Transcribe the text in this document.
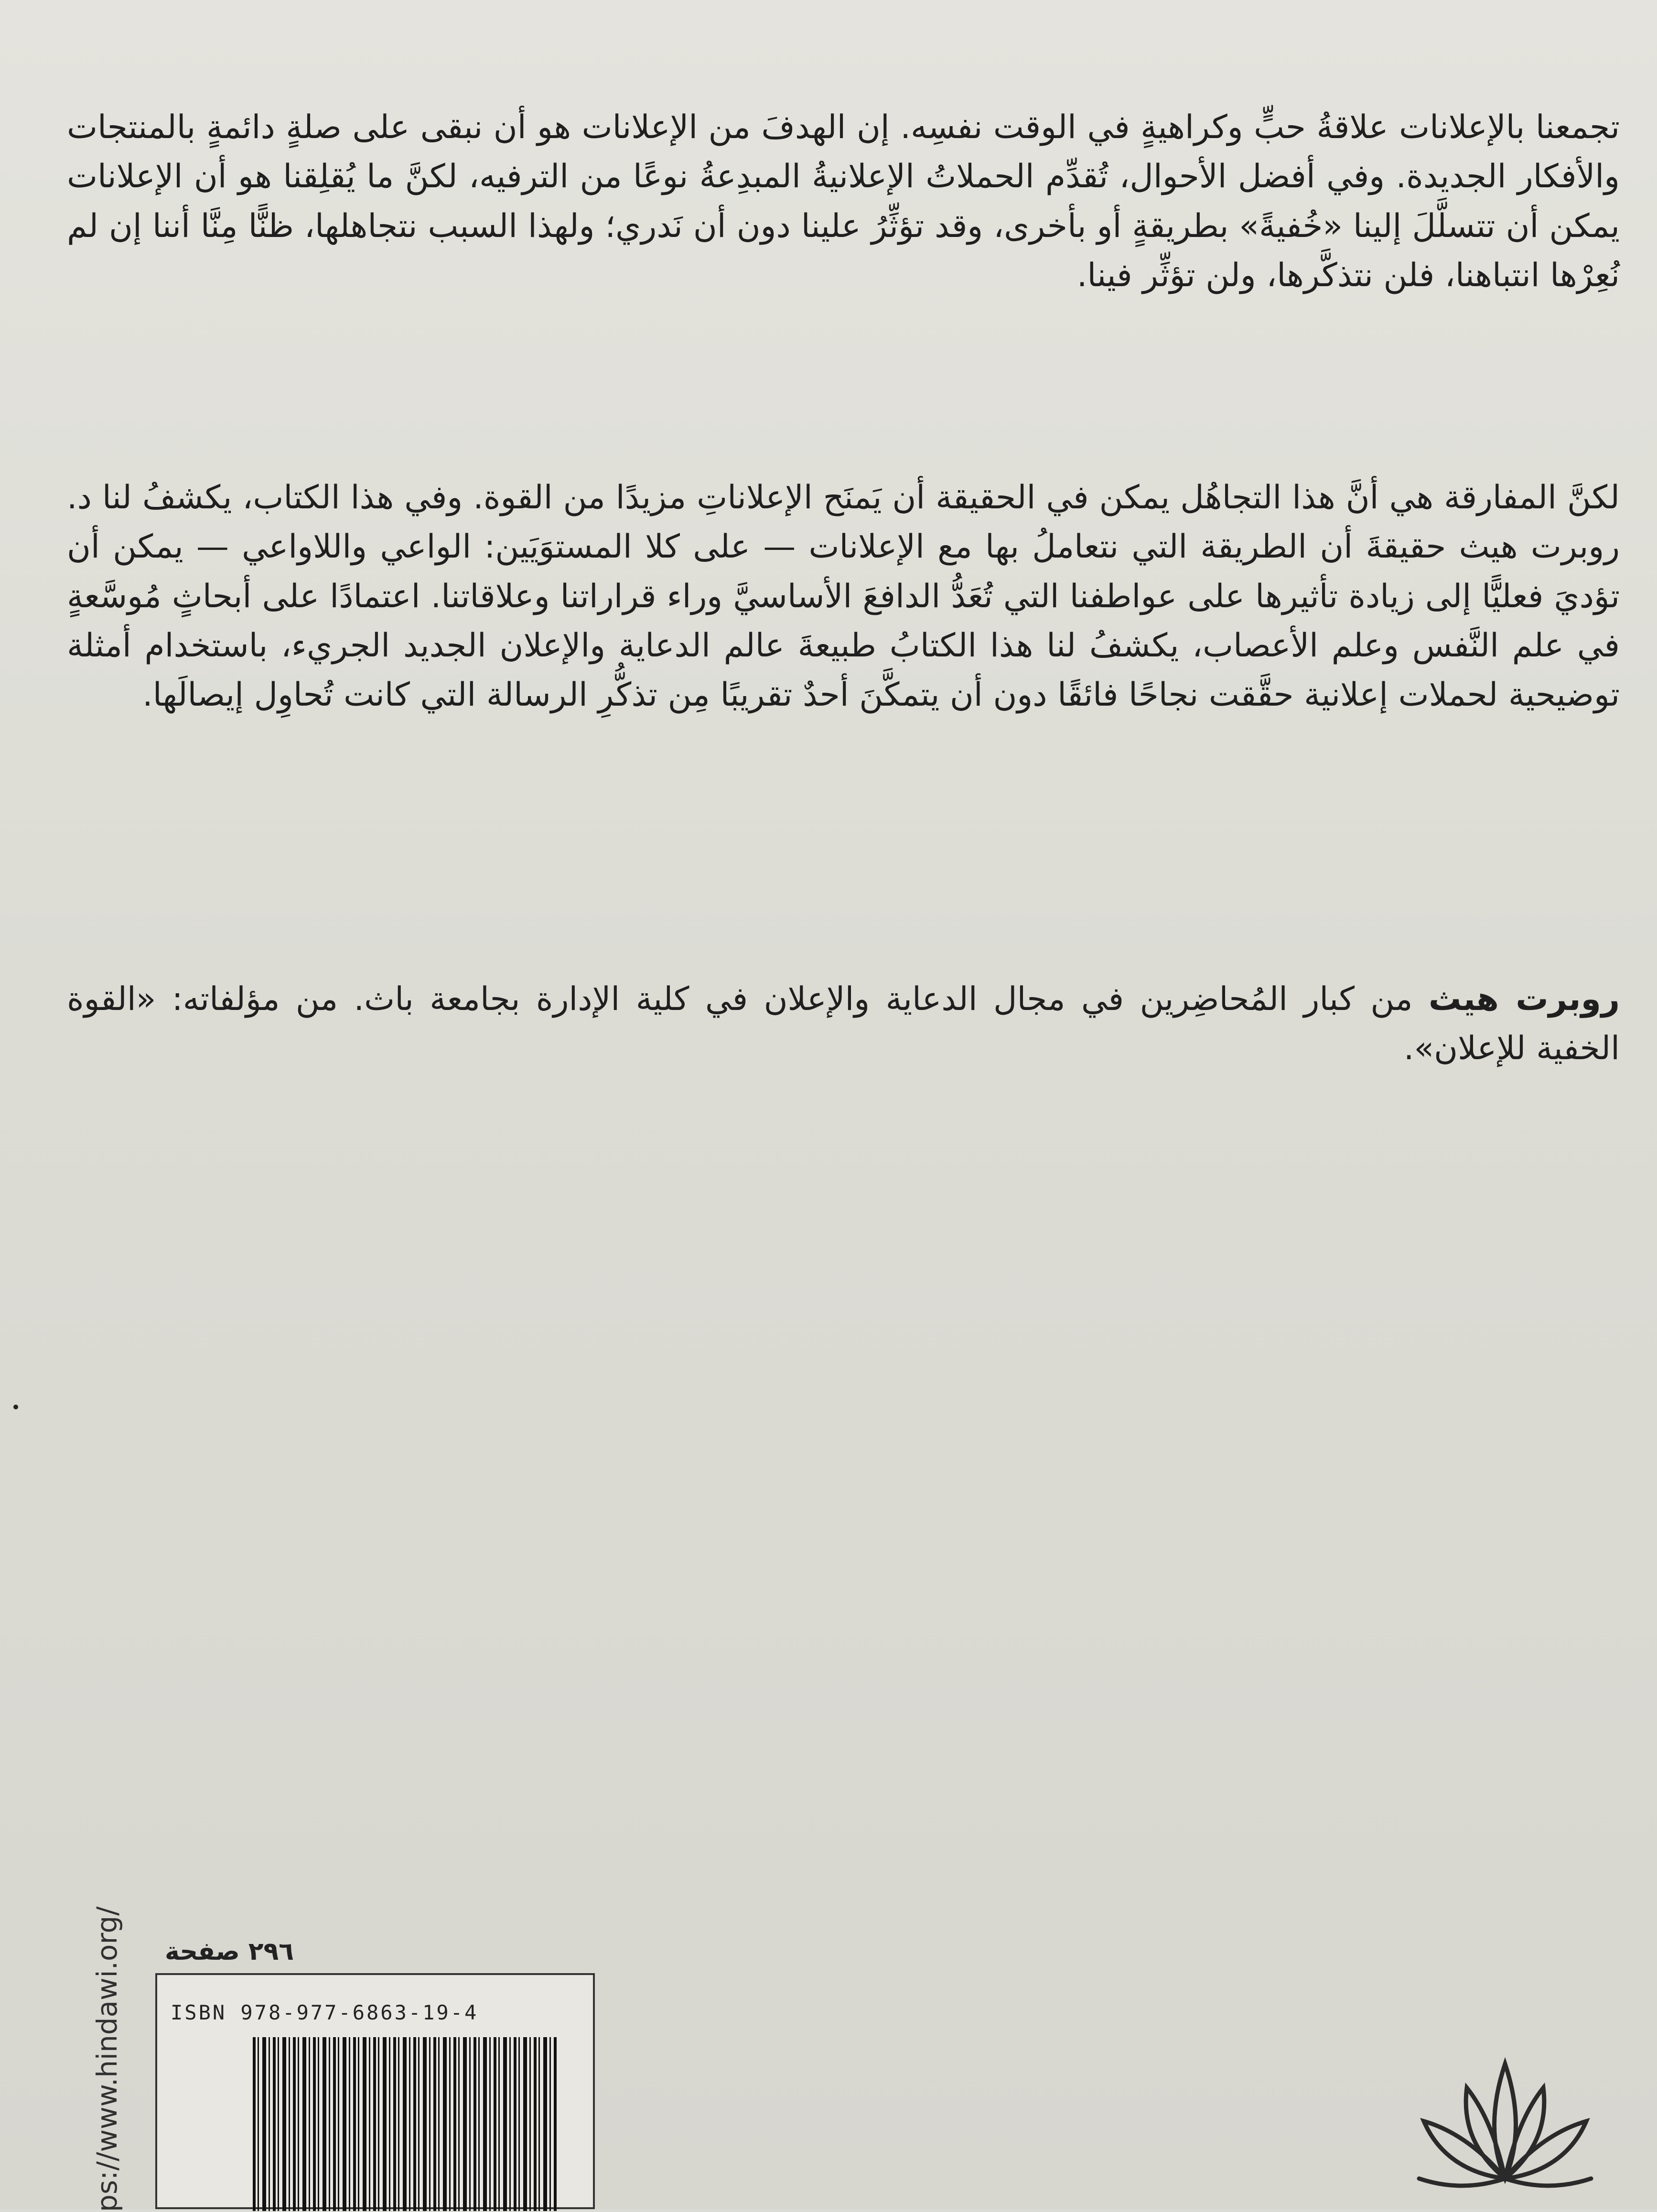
تجمعنا بالإعلانات علاقةُ حبٍّ وكراهيةٍ في الوقت نفسِه. إن الهدفَ من الإعلانات هو أن نبقى على صلةٍ دائمةٍ بالمنتجات والأفكار الجديدة. وفي أفضل الأحوال، تُقدِّم الحملاتُ الإعلانيةُ المبدِعةُ نوعًا من الترفيه، لكنَّ ما يُقلِقنا هو أن الإعلانات يمكن أن تتسلَّلَ إلينا «خُفيةً» بطريقةٍ أو بأخرى، وقد تؤثِّرُ علينا دون أن نَدري؛ ولهذا السبب نتجاهلها، ظنًّا مِنَّا أننا إن لم نُعِرْها انتباهنا، فلن نتذكَّرها، ولن تؤثِّر فينا.

لكنَّ المفارقة هي أنَّ هذا التجاهُل يمكن في الحقيقة أن يَمنَح الإعلاناتِ مزيدًا من القوة. وفي هذا الكتاب، يكشفُ لنا د. روبرت هيث حقيقةَ أن الطريقة التي نتعاملُ بها مع الإعلانات — على كلا المستوَيَين: الواعي واللاواعي — يمكن أن تؤديَ فعليًّا إلى زيادة تأثيرها على عواطفنا التي تُعَدُّ الدافعَ الأساسيَّ وراء قراراتنا وعلاقاتنا. اعتمادًا على أبحاثٍ مُوسَّعةٍ في علم النَّفس وعلم الأعصاب، يكشفُ لنا هذا الكتابُ طبيعةَ عالم الدعاية والإعلان الجديد الجريء، باستخدام أمثلة توضيحية لحملات إعلانية حقَّقت نجاحًا فائقًا دون أن يتمكَّنَ أحدٌ تقريبًا مِن تذكُّرِ الرسالة التي كانت تُحاوِل إيصالَها.

روبرت هيث من كبار المُحاضِرين في مجال الدعاية والإعلان في كلية الإدارة بجامعة باث. من مؤلفاته: «القوة الخفية للإعلان».

ps://www.hindawi.org/ ٢٩٦ صفحة
ISBN 978-977-6863-19-4
